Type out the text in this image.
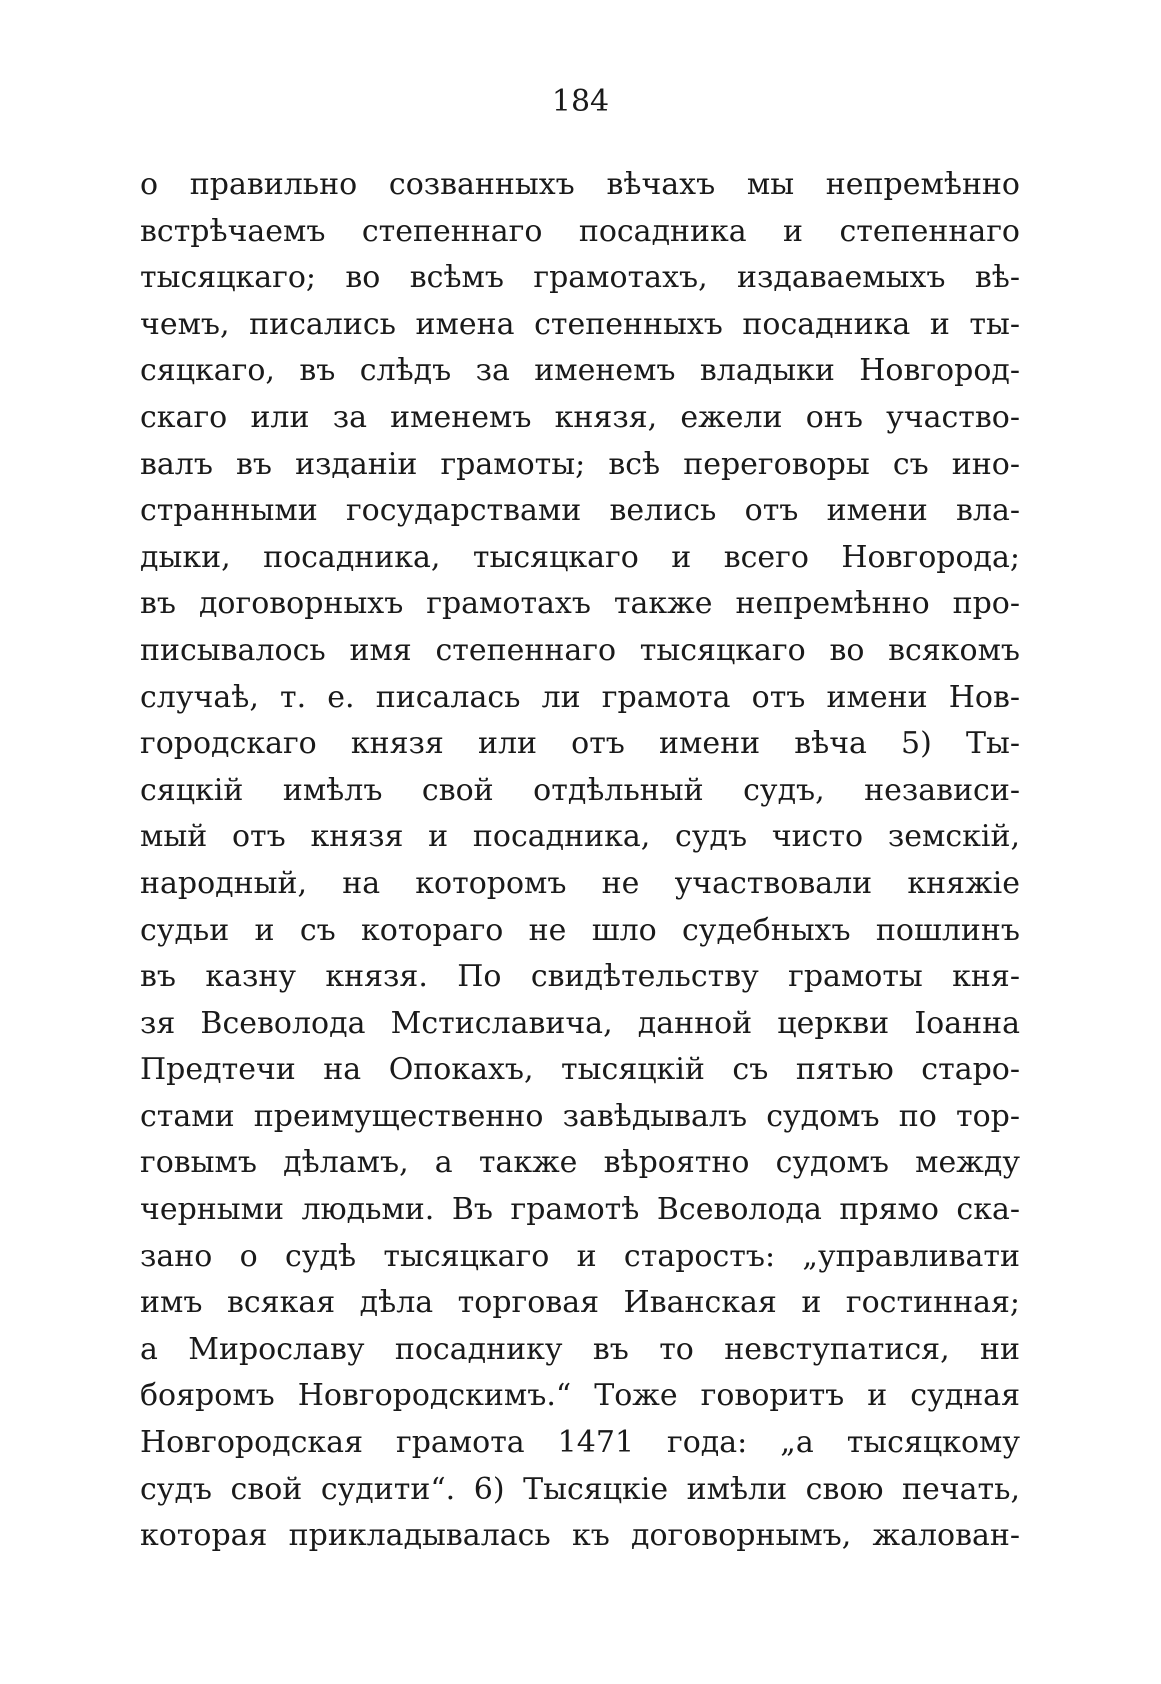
184
о правильно созванныхъ вѣчахъ мы непремѣнно
встрѣчаемъ степеннаго посадника и степеннаго
тысяцкаго; во всѣмъ грамотахъ, издаваемыхъ вѣ-
чемъ, писались имена степенныхъ посадника и ты-
сяцкаго, въ слѣдъ за именемъ владыки Новгород-
скаго или за именемъ князя, ежели онъ участво-
валъ въ изданiи грамоты; всѣ переговоры съ ино-
странными государствами велись отъ имени вла-
дыки, посадника, тысяцкаго и всего Новгорода;
въ договорныхъ грамотахъ также непремѣнно про-
писывалось имя степеннаго тысяцкаго во всякомъ
случаѣ, т. е. писалась ли грамота отъ имени Нов-
городскаго князя или отъ имени вѣча 5) Ты-
сяцкiй имѣлъ свой отдѣльный судъ, независи-
мый отъ князя и посадника, судъ чисто земскiй,
народный, на которомъ не участвовали княжiе
судьи и съ котораго не шло судебныхъ пошлинъ
въ казну князя. По свидѣтельству грамоты кня-
зя Всеволода Мстиславича, данной церкви Iоанна
Предтечи на Опокахъ, тысяцкiй съ пятью старо-
стами преимущественно завѣдывалъ судомъ по тор-
говымъ дѣламъ, а также вѣроятно судомъ между
черными людьми. Въ грамотѣ Всеволода прямо ска-
зано о судѣ тысяцкаго и старостъ: „управливати
имъ всякая дѣла торговая Иванская и гостинная;
а Мирославу посаднику въ то невступатися, ни
бояромъ Новгородскимъ.“ Тоже говоритъ и судная
Новгородская грамота 1471 года: „а тысяцкому
судъ свой судити“. 6) Тысяцкiе имѣли свою печать,
которая прикладывалась къ договорнымъ, жалован-
